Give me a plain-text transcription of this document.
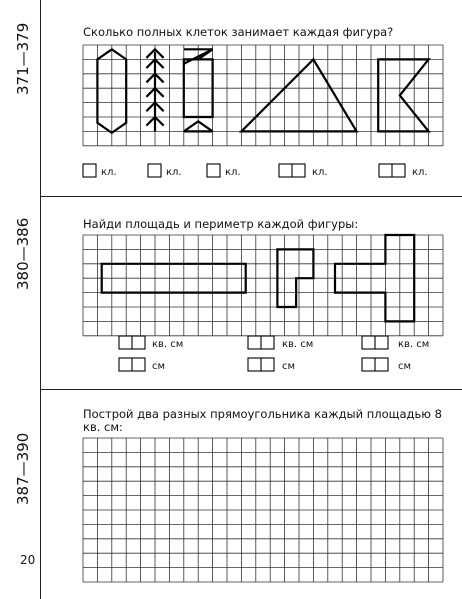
371—379
380—386
387—390
Сколько полных клеток занимает каждая фигура?
Найди площадь и периметр каждой фигуры:
Построй два разных прямоугольника каждый площадью 8 кв. см:
кл.	кл.	кл.	кл.	кл.
кв. см
см
кв. см
см
кв. см
см
20
